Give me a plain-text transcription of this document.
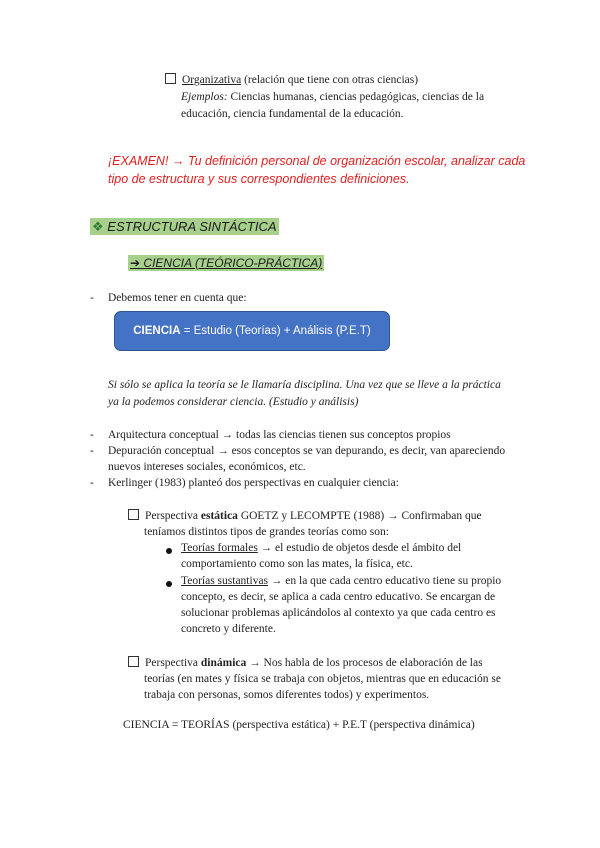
Organizativa (relación que tiene con otras ciencias)
Ejemplos: Ciencias humanas, ciencias pedagógicas, ciencias de la
educación, ciencia fundamental de la educación.
¡EXAMEN! → Tu definición personal de organización escolar, analizar cada
tipo de estructura y sus correspondientes definiciones.
❖ ESTRUCTURA SINTÁCTICA
➔ CIENCIA (TEÓRICO-PRÁCTICA)
- Debemos tener en cuenta que:
CIENCIA = Estudio (Teorías) + Análisis (P.E.T)
Si sólo se aplica la teoría se le llamaría disciplina. Una vez que se lleve a la práctica
ya la podemos considerar ciencia. (Estudio y análisis)
- Arquitectura conceptual → todas las ciencias tienen sus conceptos propios
- Depuración conceptual → esos conceptos se van depurando, es decir, van apareciendo
nuevos intereses sociales, económicos, etc.
- Kerlinger (1983) planteó dos perspectivas en cualquier ciencia:
Perspectiva estática GOETZ y LECOMPTE (1988) → Confirmaban que
teníamos distintos tipos de grandes teorías como son:
Teorías formales → el estudio de objetos desde el ámbito del
comportamiento como son las mates, la física, etc.
Teorías sustantivas → en la que cada centro educativo tiene su propio
concepto, es decir, se aplica a cada centro educativo. Se encargan de
solucionar problemas aplicándolos al contexto ya que cada centro es
concreto y diferente.
Perspectiva dinámica → Nos habla de los procesos de elaboración de las
teorías (en mates y física se trabaja con objetos, mientras que en educación se
trabaja con personas, somos diferentes todos) y experimentos.
CIENCIA = TEORÍAS (perspectiva estática) + P.E.T (perspectiva dinámica)
